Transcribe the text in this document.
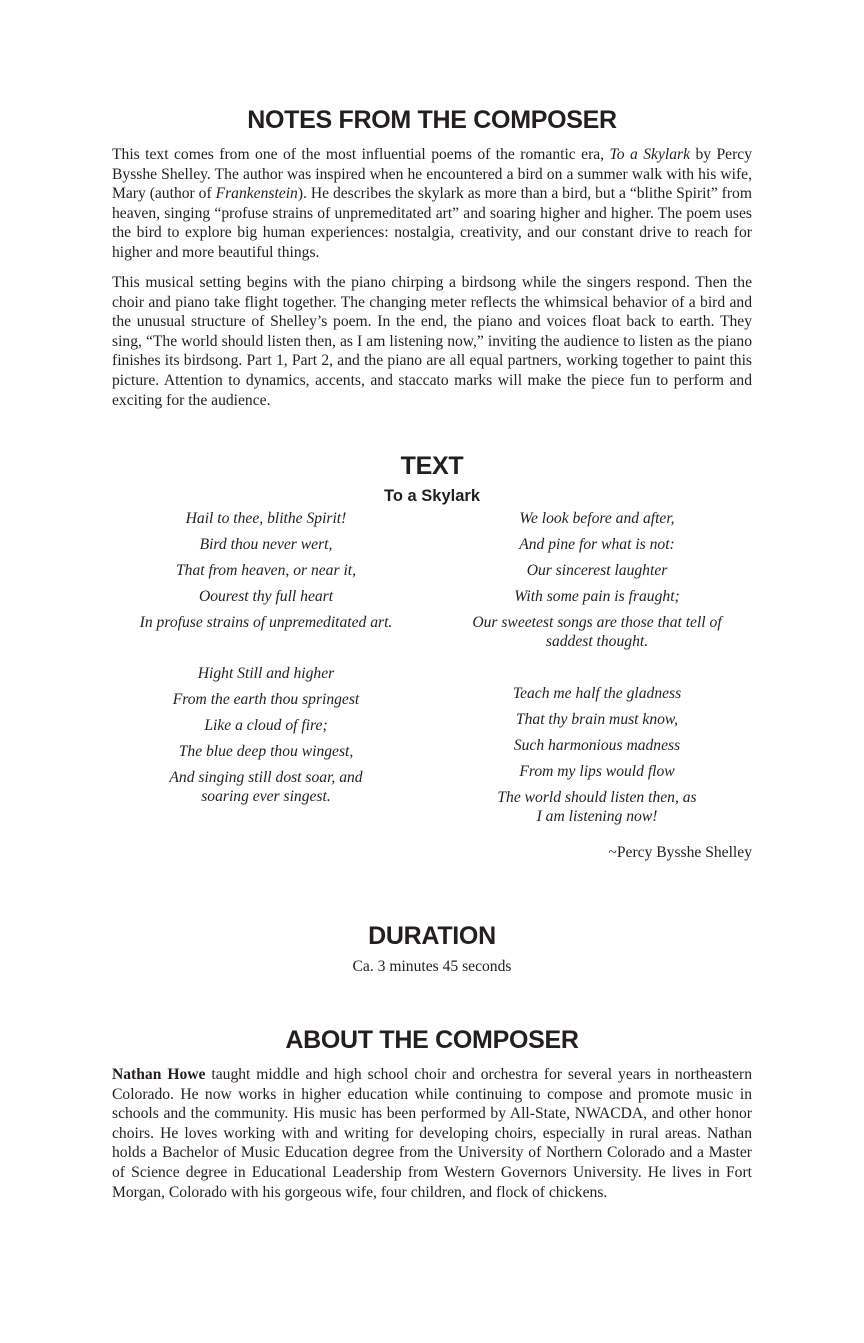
NOTES FROM THE COMPOSER

This text comes from one of the most influential poems of the romantic era, To a Skylark by Percy Bysshe Shelley. The author was inspired when he encountered a bird on a summer walk with his wife, Mary (author of Frankenstein). He describes the skylark as more than a bird, but a “blithe Spirit” from heaven, singing “profuse strains of unpremeditated art” and soaring higher and higher. The poem uses the bird to explore big human experiences: nostalgia, creativity, and our constant drive to reach for higher and more beautiful things.

This musical setting begins with the piano chirping a birdsong while the singers respond. Then the choir and piano take flight together. The changing meter reflects the whimsical behavior of a bird and the unusual structure of Shelley’s poem. In the end, the piano and voices float back to earth. They sing, “The world should listen then, as I am listening now,” inviting the audience to listen as the piano finishes its birdsong. Part 1, Part 2, and the piano are all equal partners, working together to paint this picture. Attention to dynamics, accents, and staccato marks will make the piece fun to perform and exciting for the audience.

TEXT
To a Skylark
Hail to thee, blithe Spirit!
Bird thou never wert,
That from heaven, or near it,
Oourest thy full heart
In profuse strains of unpremeditated art.
Hight Still and higher
From the earth thou springest
Like a cloud of fire;
The blue deep thou wingest,
And singing still dost soar, and soaring ever singest.
We look before and after,
And pine for what is not:
Our sincerest laughter
With some pain is fraught;
Our sweetest songs are those that tell of saddest thought.
Teach me half the gladness
That thy brain must know,
Such harmonious madness
From my lips would flow
The world should listen then, as I am listening now!
~Percy Bysshe Shelley
DURATION
Ca. 3 minutes 45 seconds
ABOUT THE COMPOSER

Nathan Howe taught middle and high school choir and orchestra for several years in northeastern Colorado. He now works in higher education while continuing to compose and promote music in schools and the community. His music has been performed by All-State, NWACDA, and other honor choirs. He loves working with and writing for developing choirs, especially in rural areas. Nathan holds a Bachelor of Music Education degree from the University of Northern Colorado and a Master of Science degree in Educational Leadership from Western Governors University. He lives in Fort Morgan, Colorado with his gorgeous wife, four children, and flock of chickens.
